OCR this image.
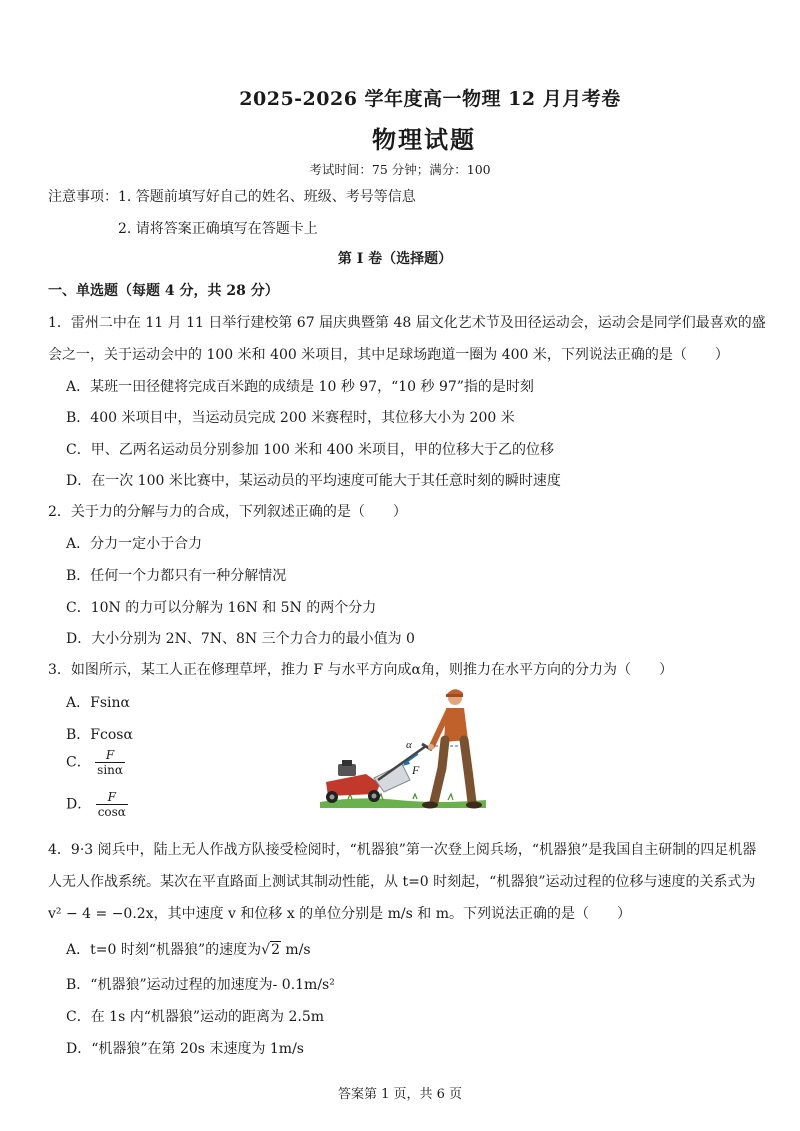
2025-2026 学年度高一物理 12 月月考卷
物理试题
考试时间：75 分钟；满分：100
注意事项： 1. 答题前填写好自己的姓名、班级、考号等信息
2. 请将答案正确填写在答题卡上
第 I 卷（选择题）
一、单选题（每题 4 分，共 28 分）
1．雷州二中在 11 月 11 日举行建校第 67 届庆典暨第 48 届文化艺术节及田径运动会，运动会是同学们最喜欢的盛
会之一，关于运动会中的 100 米和 400 米项目，其中足球场跑道一圈为 400 米，下列说法正确的是（　　）
A．某班一田径健将完成百米跑的成绩是 10 秒 97，“10 秒 97”指的是时刻
B．400 米项目中，当运动员完成 200 米赛程时，其位移大小为 200 米
C．甲、乙两名运动员分别参加 100 米和 400 米项目，甲的位移大于乙的位移
D．在一次 100 米比赛中，某运动员的平均速度可能大于其任意时刻的瞬时速度
2．关于力的分解与力的合成，下列叙述正确的是（　　）
A．分力一定小于合力
B．任何一个力都只有一种分解情况
C．10N 的力可以分解为 16N 和 5N 的两个分力
D．大小分别为 2N、7N、8N 三个力合力的最小值为 0
3．如图所示，某工人正在修理草坪，推力 F 与水平方向成α角，则推力在水平方向的分力为（　　）
A．Fsinα
B．Fcosα
C． $\frac{F}{\sin\alpha}$
D． $\frac{F}{\cos\alpha}$
α
F
4．9·3 阅兵中，陆上无人作战方队接受检阅时，“机器狼”第一次登上阅兵场，“机器狼”是我国自主研制的四足机器
人无人作战系统。某次在平直路面上测试其制动性能，从 t=0 时刻起，“机器狼”运动过程的位移与速度的关系式为
v² − 4 = −0.2x，其中速度 v 和位移 x 的单位分别是 m/s 和 m。下列说法正确的是（　　）
A．t=0 时刻“机器狼”的速度为√2 m/s
B．“机器狼”运动过程的加速度为- 0.1m/s²
C．在 1s 内“机器狼”运动的距离为 2.5m
D．“机器狼”在第 20s 末速度为 1m/s
答案第 1 页，共 6 页
